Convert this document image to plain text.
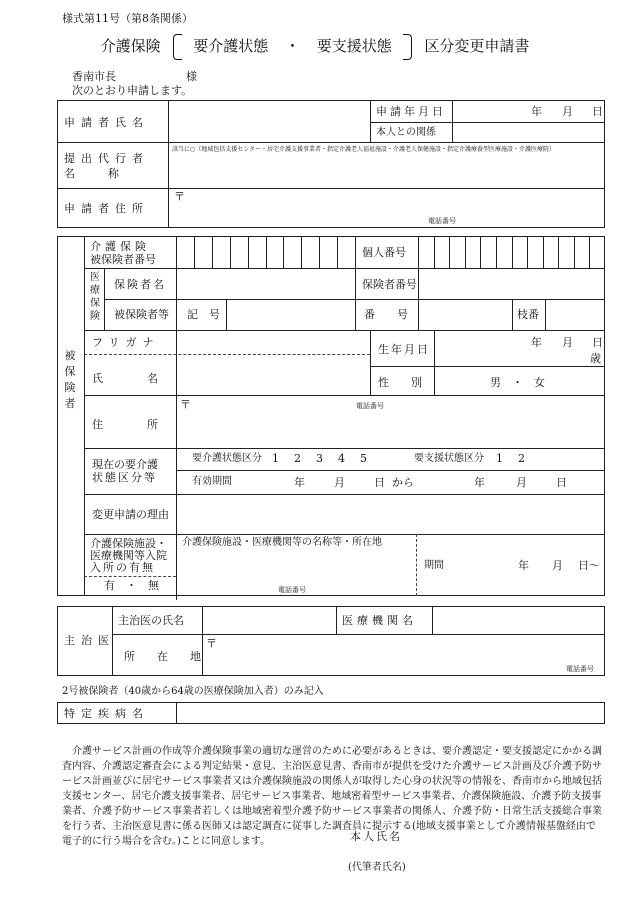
様式第11号（第8条関係）
介護保険 要介護状態 ・ 要支援状態 区分変更申請書
香南市長	様
次のとおり申請します。
申請者氏名
申請年月日	年 月 日
本人との関係
提出代行者
名　　　称
該当に○（地域包括支援センター・居宅介護支援事業者・指定介護老人福祉施設・介護老人保健施設・指定介護療養型医療施設・介護医療院）
申請者住所
〒
電話番号
被
保
険
者
介護保険
被保険者番号
個人番号
医
療
保
険
保険者名	保険者番号
被保険者等 記　号	番　　号	枝番
フリガナ
氏　　　　名
生年月日
年 月 日
歳
性　　別	男　・　女
住　　　　所
〒	電話番号
現在の要介護
状態区分等
要介護状態区分 1　2　3　4　5	要支援状態区分 1　2
有効期間	年	月	日 から	年	月	日
変更申請の理由
介護保険施設・
医療機関等入院
入所の有無
有　・　無
介護保険施設・医療機関等の名称等・所在地
電話番号
期間	年 月 日〜
主治医
主治医の氏名	医療機関名
所　　在　　地
〒
電話番号
2号被保険者（40歳から64歳の医療保険加入者）のみ記入
特定疾病名
介護サービス計画の作成等介護保険事業の適切な運営のために必要があるときは、要介護認定・要支援認定にかかる調査内容、介護認定審査会による判定結果・意見、主治医意見書、香南市が提供を受けた介護サービス計画及び介護予防サービス計画並びに居宅サービス事業者又は介護保険施設の関係人が取得した心身の状況等の情報を、香南市から地域包括支援センター、居宅介護支援事業者、居宅サービス事業者、地域密着型サービス事業者、介護保険施設、介護予防支援事業者、介護予防サービス事業者若しくは地域密着型介護予防サービス事業者の関係人、介護予防・日常生活支援総合事業を行う者、主治医意見書に係る医師又は認定調査に従事した調査員に提示する(地域支援事業として介護情報基盤経由で電子的に行う場合を含む。)ことに同意します。	本人氏名
(代筆者氏名)
